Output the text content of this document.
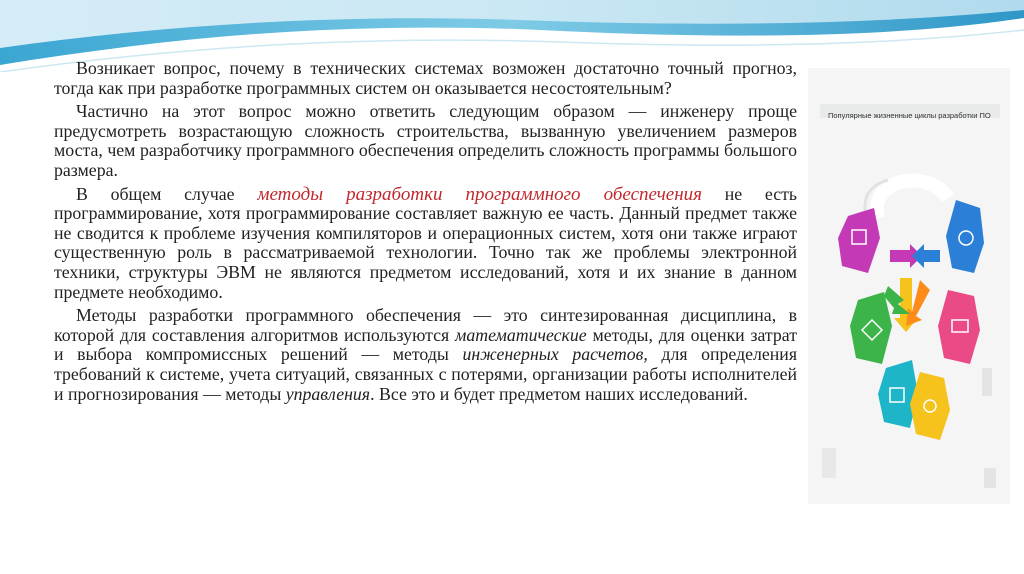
Возникает вопрос, почему в технических системах возможен достаточно точный прогноз, тогда как при разработке программных систем он оказывается несостоятельным?

Частично на этот вопрос можно ответить следующим образом — инженеру проще предусмотреть возрастающую сложность строительства, вызванную увеличением размеров моста, чем разработчику программного обеспечения определить сложность программы большого размера.

В общем случае методы разработки программного обеспечения не есть программирование, хотя программирование составляет важную ее часть. Данный предмет также не сводится к проблеме изучения компиляторов и операционных систем, хотя они также играют существенную роль в рассматриваемой технологии. Точно так же проблемы электронной техники, структуры ЭВМ не являются предметом исследований, хотя и их знание в данном предмете необходимо.

Методы разработки программного обеспечения — это синтезированная дисциплина, в которой для составления алгоритмов используются математические методы, для оценки затрат и выбора компромиссных решений — методы инженерных расчетов, для определения требований к системе, учета ситуаций, связанных с потерями, организации работы исполнителей и прогнозирования — методы управления. Все это и будет предметом наших исследований.

Популярные жизненные циклы разработки ПО
